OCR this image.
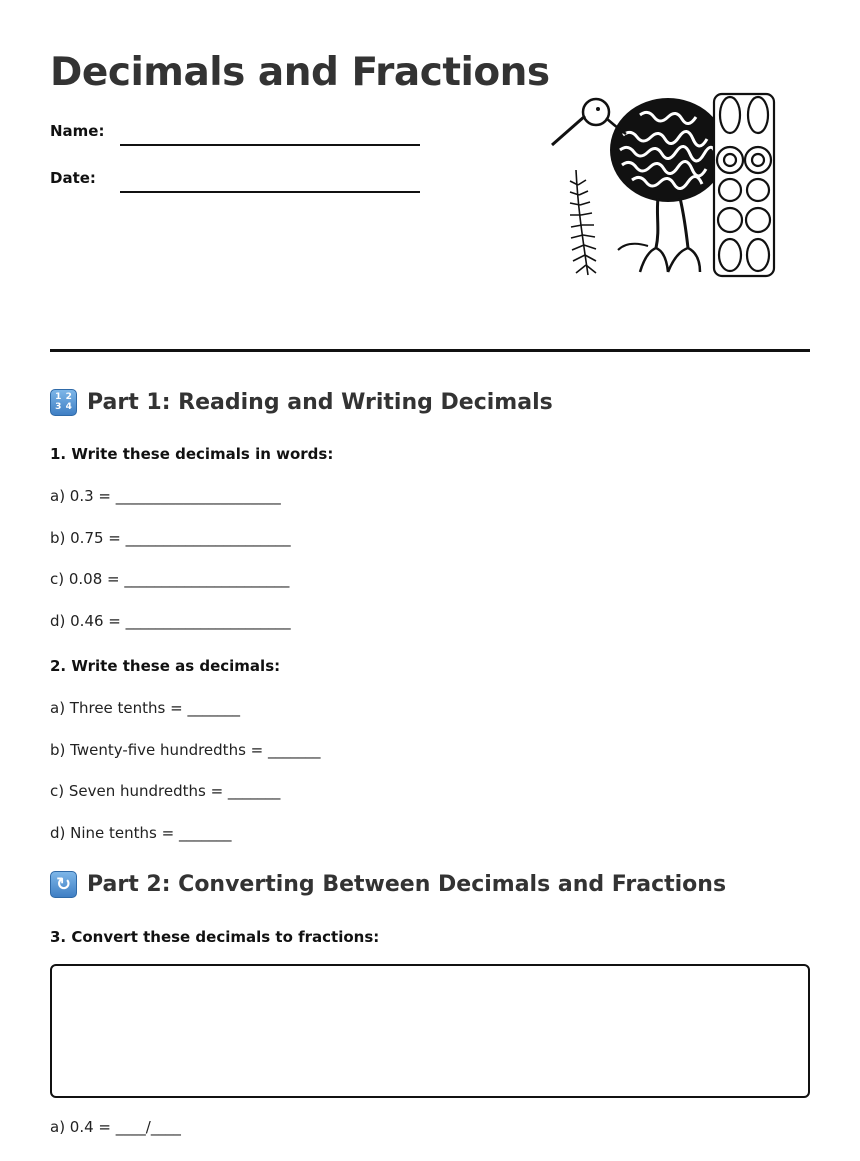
Decimals and Fractions
Name:
Date:
1 2
3 4 Part 1: Reading and Writing Decimals
1. Write these decimals in words:
a) 0.3 = ______________________
b) 0.75 = ______________________
c) 0.08 = ______________________
d) 0.46 = ______________________
2. Write these as decimals:
a) Three tenths = _______
b) Twenty-five hundredths = _______
c) Seven hundredths = _______
d) Nine tenths = _______
↻ Part 2: Converting Between Decimals and Fractions
3. Convert these decimals to fractions:
a) 0.4 = ____/____
